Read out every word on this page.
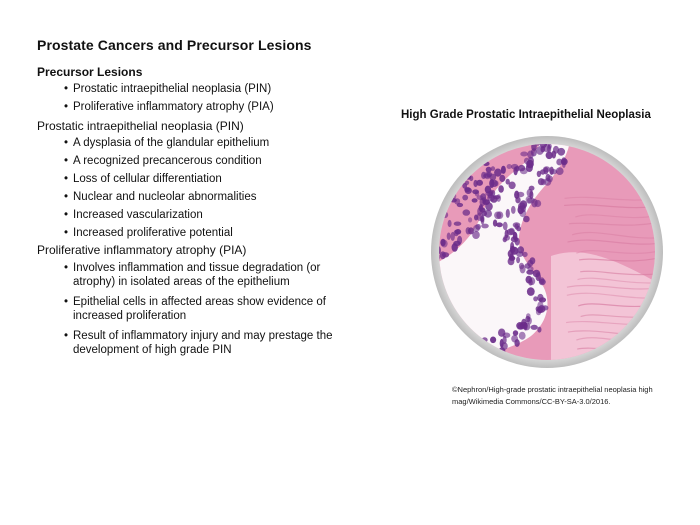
Prostate Cancers and Precursor Lesions
Precursor Lesions
• Prostatic intraepithelial neoplasia (PIN)
• Proliferative inflammatory atrophy (PIA)
Prostatic intraepithelial neoplasia (PIN)
• A dysplasia of the glandular epithelium
• A recognized precancerous condition
• Loss of cellular differentiation
• Nuclear and nucleolar abnormalities
• Increased vascularization
• Increased proliferative potential
Proliferative inflammatory atrophy (PIA)
• Involves inflammation and tissue degradation (or atrophy) in isolated areas of the epithelium
• Epithelial cells in affected areas show evidence of increased proliferation
• Result of inflammatory injury and may prestage the development of high grade PIN
High Grade Prostatic Intraepithelial Neoplasia
©Nephron/High-grade prostatic intraepithelial neoplasia high mag/Wikimedia Commons/CC-BY-SA-3.0/2016.
